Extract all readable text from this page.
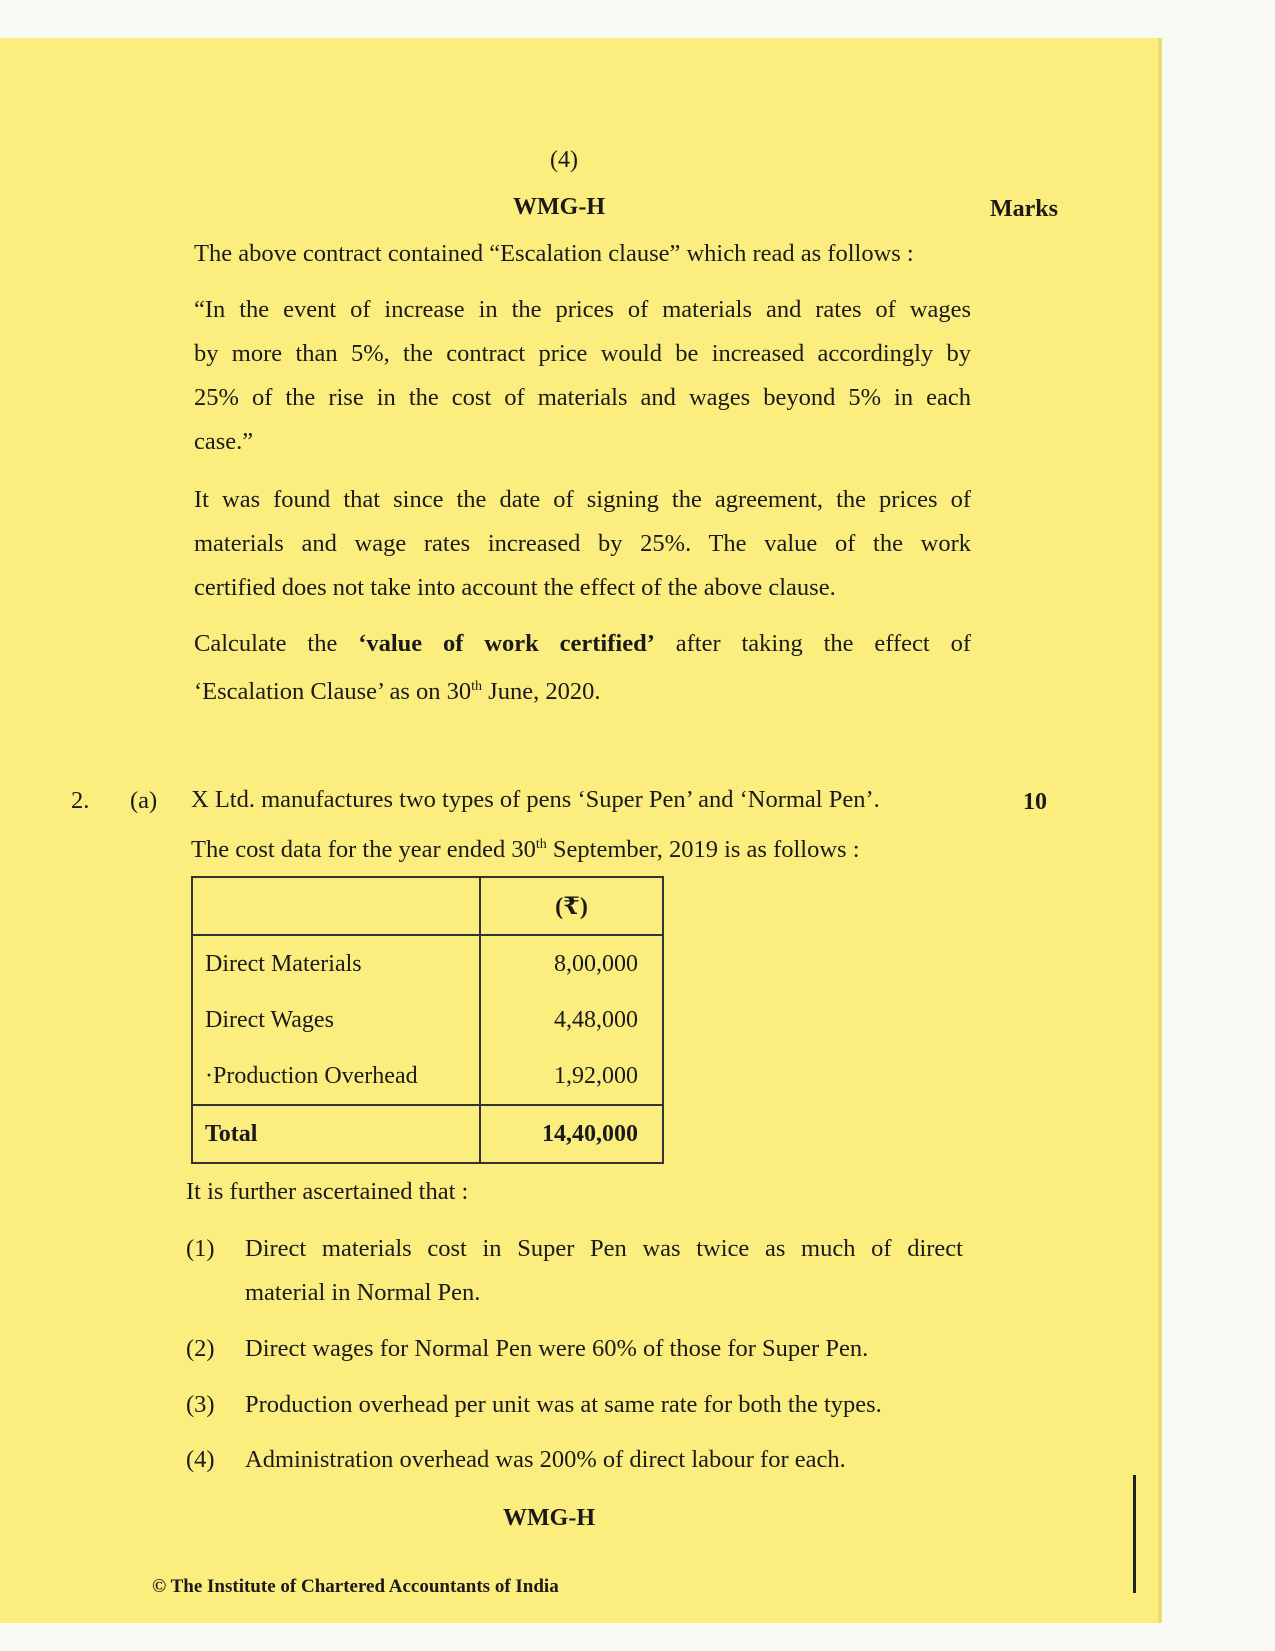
(4)
WMG-H	Marks
The above contract contained “Escalation clause” which read as follows :
“In the event of increase in the prices of materials and rates of wages
by more than 5%, the contract price would be increased accordingly by
25% of the rise in the cost of materials and wages beyond 5% in each
case.”
It was found that since the date of signing the agreement, the prices of
materials and wage rates increased by 25%. The value of the work
certified does not take into account the effect of the above clause.
Calculate the ‘value of work certified’ after taking the effect of
‘Escalation Clause’ as on 30th June, 2020.
2. (a)	10
X Ltd. manufactures two types of pens ‘Super Pen’ and ‘Normal Pen’.
The cost data for the year ended 30th September, 2019 is as follows :
	(₹)
Direct Materials	8,00,000
Direct Wages	4,48,000
·Production Overhead	1,92,000
Total	14,40,000
It is further ascertained that :
(1) Direct materials cost in Super Pen was twice as much of direct
material in Normal Pen.
(2) Direct wages for Normal Pen were 60% of those for Super Pen.
(3) Production overhead per unit was at same rate for both the types.
(4) Administration overhead was 200% of direct labour for each.
WMG-H
© The Institute of Chartered Accountants of India
